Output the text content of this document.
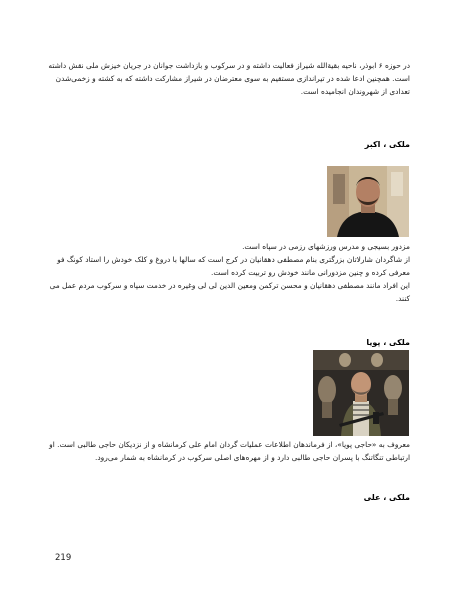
در حوزه ۶ ابوذر، ناحیه بقیةالله شیراز فعالیت داشته و در سرکوب و بازداشت جوانان در جریان خیزش ملی نقش داشته است. همچنین ادعا شده در تیراندازی مستقیم به سوی معترضان در شیراز مشارکت داشته که به کشته و زخمی‌شدن تعدادی از شهروندان انجامیده است.
ملکی ، اکبر
مزدور بسیجی و مدرس ورزشهای رزمی در سپاه است.
از شاگردان شارلاتان بزرگتری بنام مصطفی دهقانیان در کرج است که سالها با دروغ و کلک خودش را استاد کونگ فو معرفی کرده و چنین مزدورانی مانند خودش رو تربیت کرده است.
این افراد مانند مصطفی دهقانیان و محسن ترکمن ومعین الدین لی لی وغیره در خدمت سپاه و سرکوب مردم عمل می کنند.
ملکی ، پویا
معروف به «حاجی پویا»، از فرماندهان اطلاعات عملیات گردان امام علی کرمانشاه و از نزدیکان حاجی طالبی است. او ارتباطی تنگاتنگ با پسران حاجی طالبی دارد و از مهره‌های اصلی سرکوب در کرمانشاه به شمار می‌رود.
ملکی ، علی
219
